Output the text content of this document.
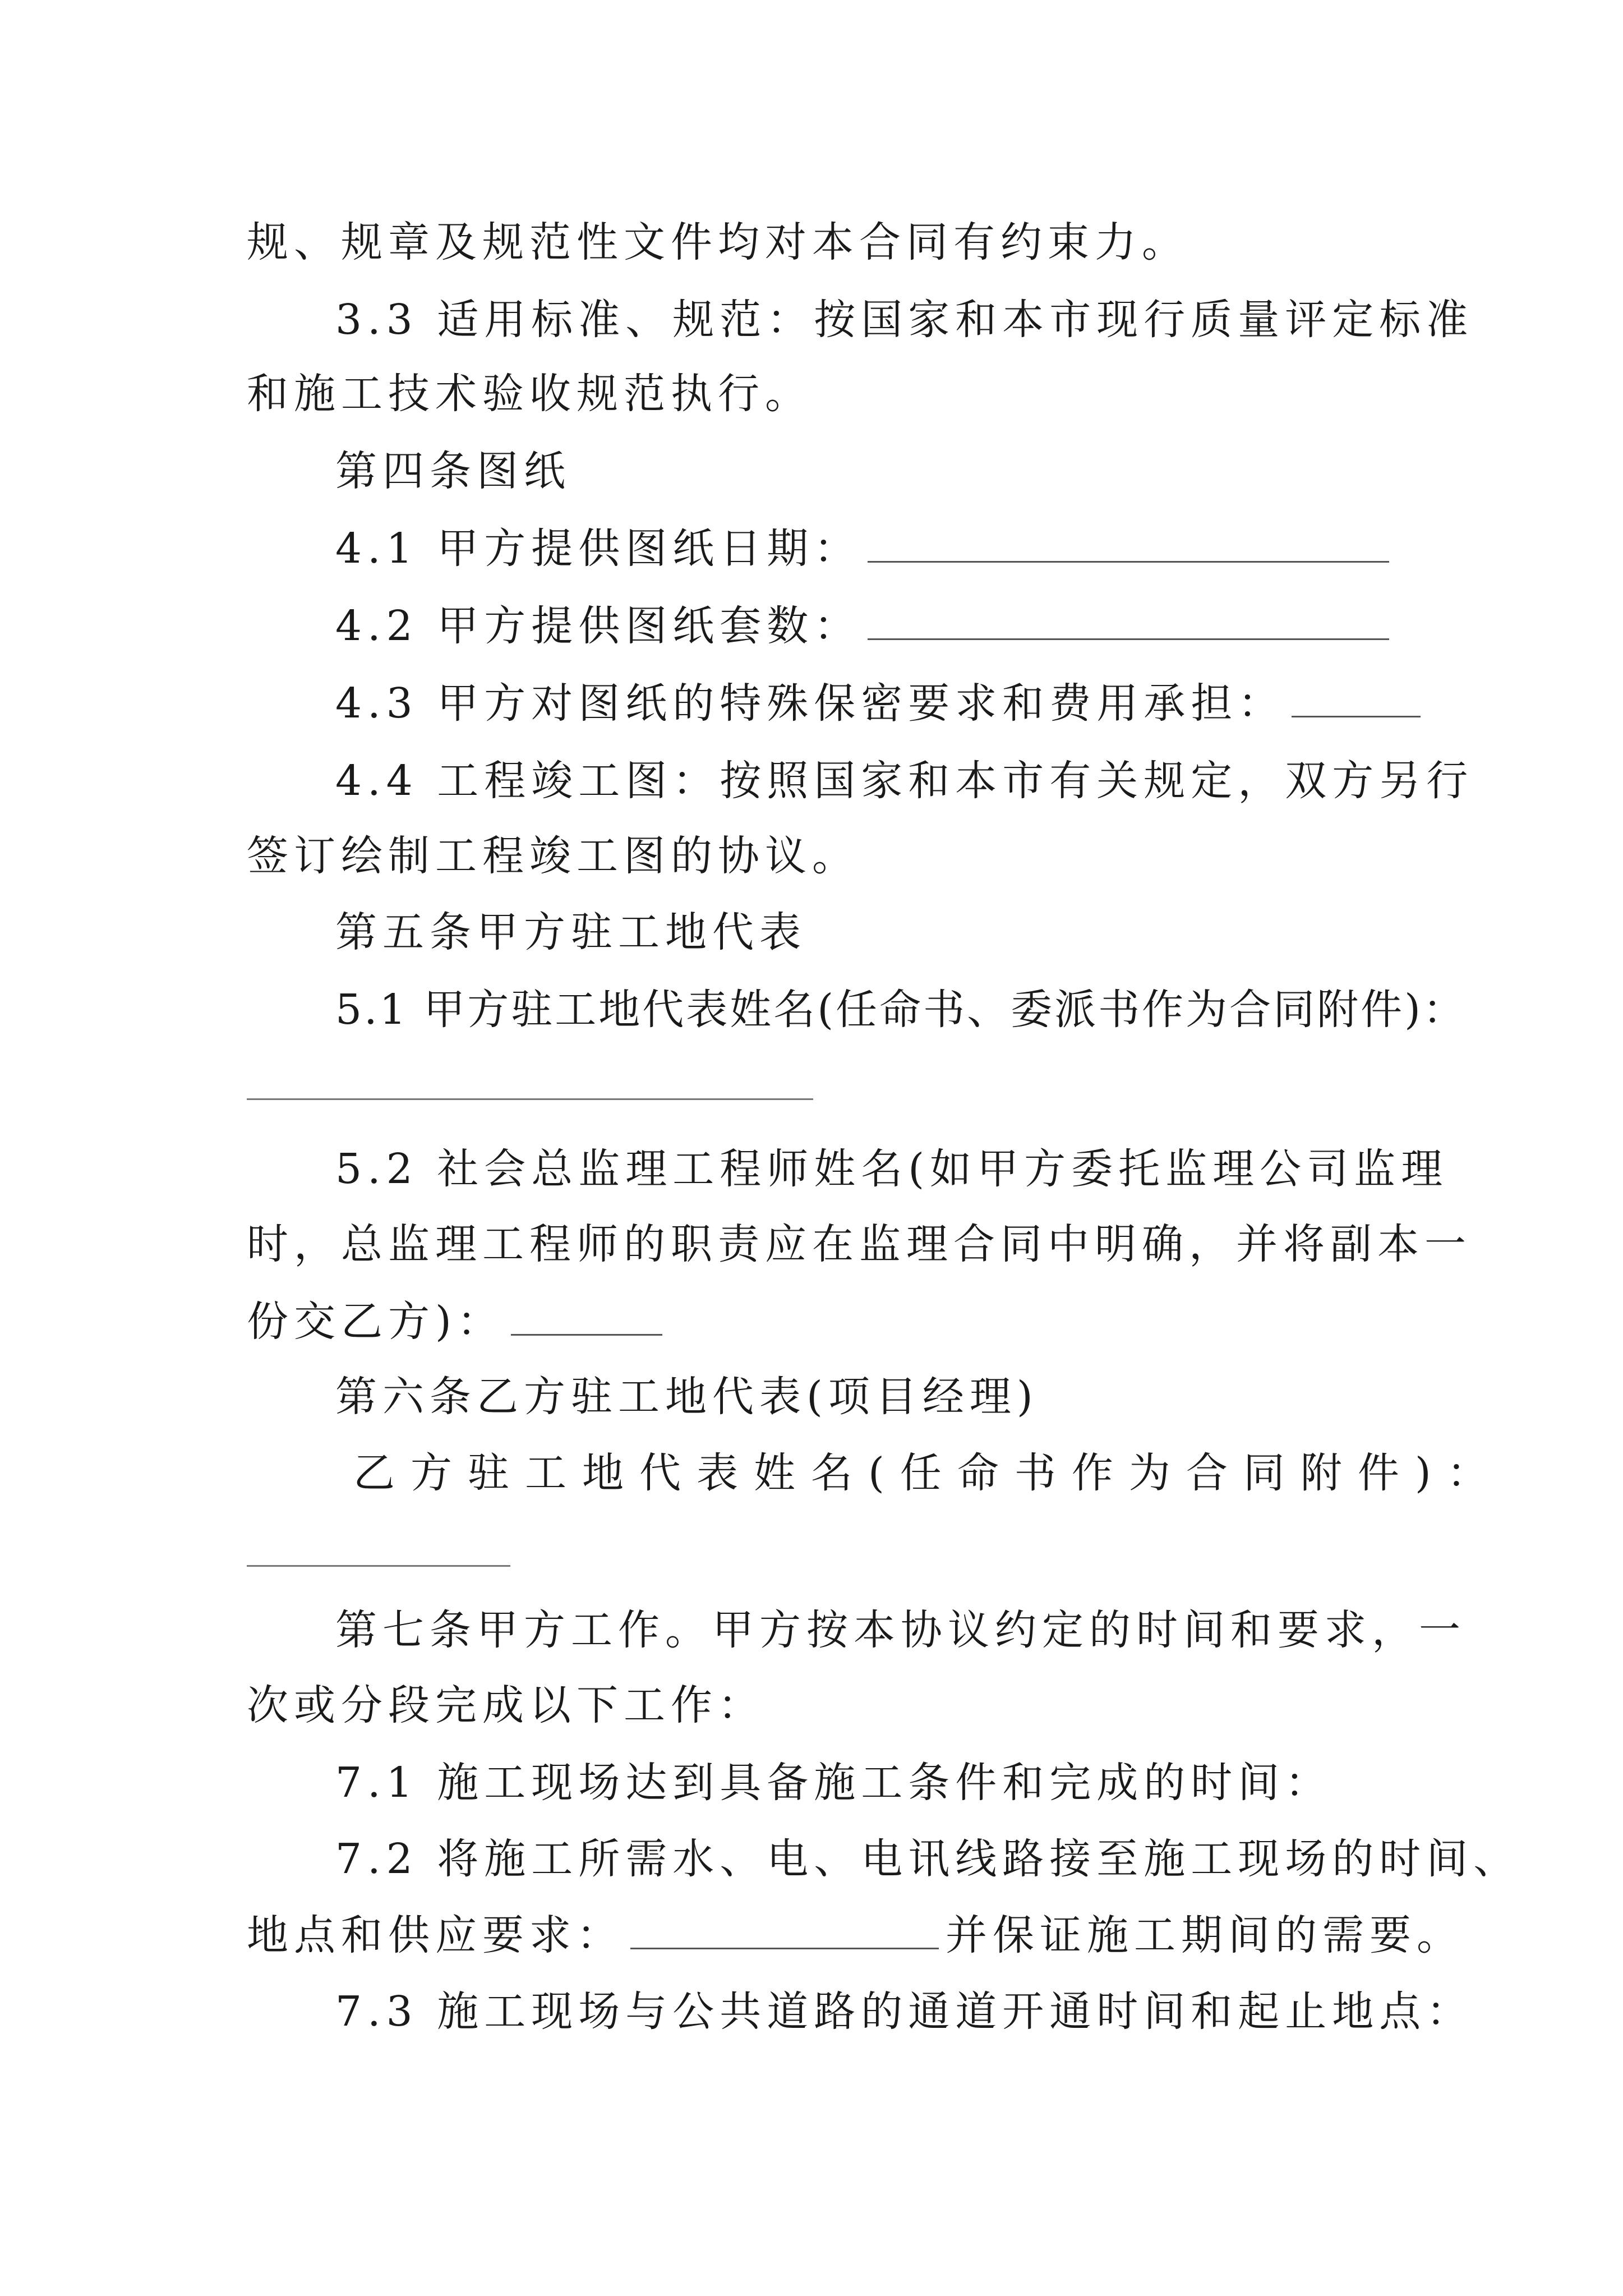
规、规章及规范性文件均对本合同有约束力。
3.3 适用标准、规范：按国家和本市现行质量评定标准
和施工技术验收规范执行。
第四条图纸
4.1 甲方提供图纸日期：
4.2 甲方提供图纸套数：
4.3 甲方对图纸的特殊保密要求和费用承担：
4.4 工程竣工图：按照国家和本市有关规定，双方另行
签订绘制工程竣工图的协议。
第五条甲方驻工地代表
5.1 甲方驻工地代表姓名(任命书、委派书作为合同附件)：
5.2 社会总监理工程师姓名(如甲方委托监理公司监理
时，总监理工程师的职责应在监理合同中明确，并将副本一
份交乙方)：
第六条乙方驻工地代表(项目经理)
乙方驻工地代表姓名(任命书作为合同附件)：
第七条甲方工作。甲方按本协议约定的时间和要求，一
次或分段完成以下工作：
7.1 施工现场达到具备施工条件和完成的时间：
7.2 将施工所需水、电、电讯线路接至施工现场的时间、
地点和供应要求：	并保证施工期间的需要。
7.3 施工现场与公共道路的通道开通时间和起止地点：
